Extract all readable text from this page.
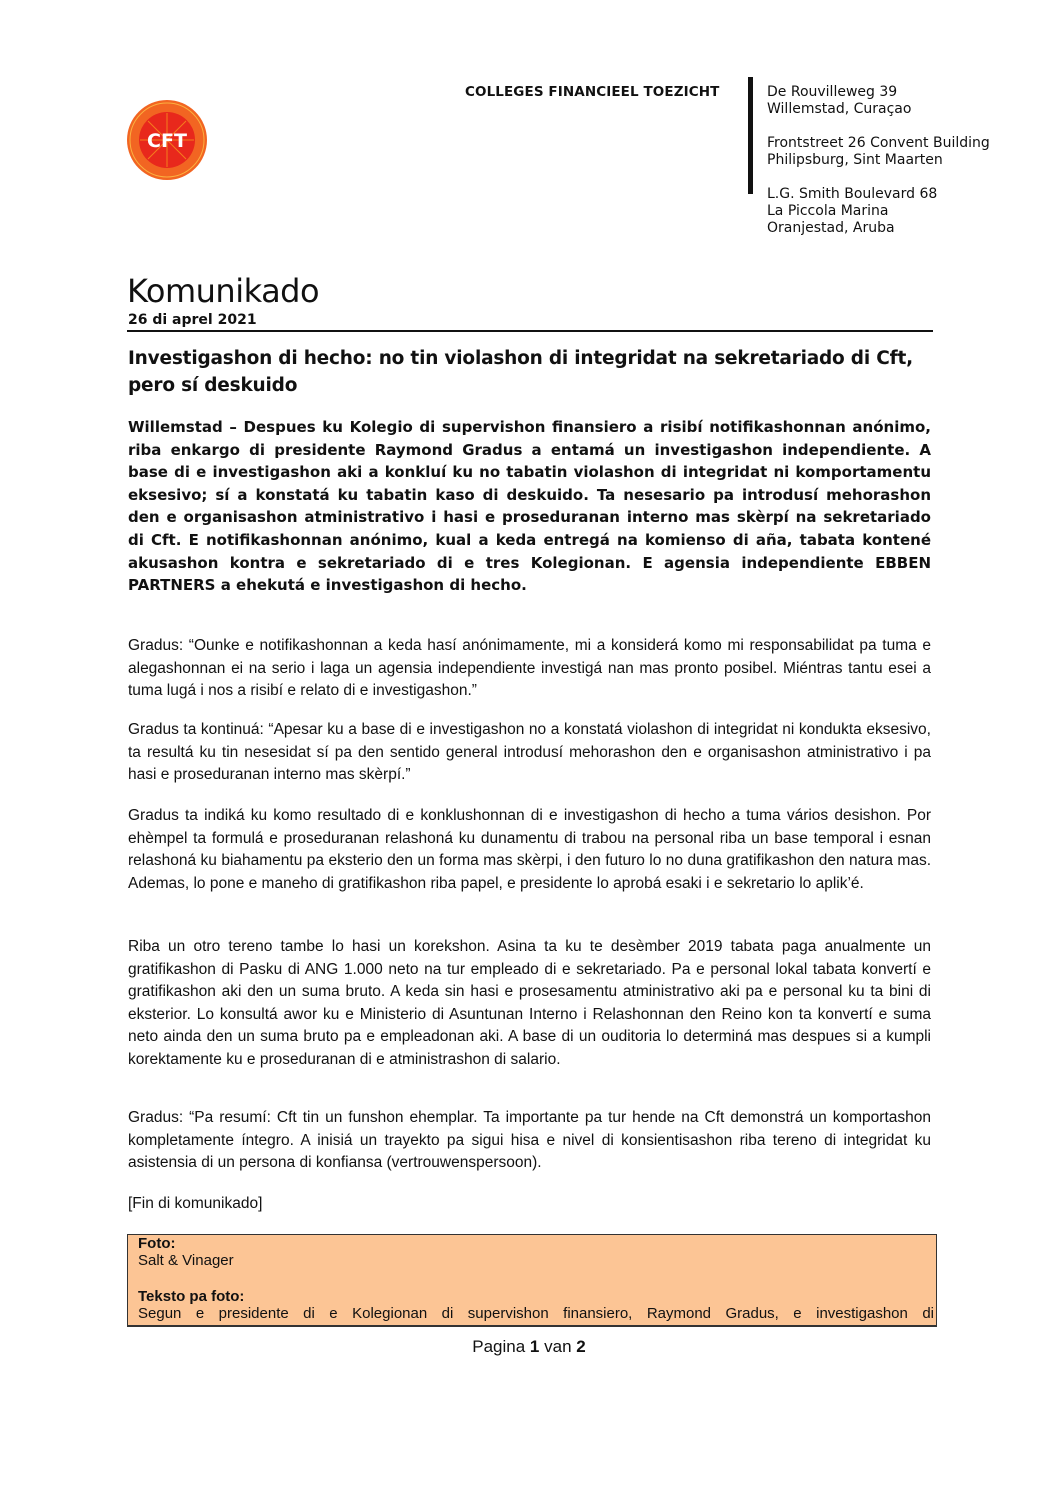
CFT
COLLEGES FINANCIEEL TOEZICHT	De Rouvilleweg 39
Willemstad, Curaçao
Frontstreet 26 Convent Building
Philipsburg, Sint Maarten
L.G. Smith Boulevard 68
La Piccola Marina
Oranjestad, Aruba
Komunikado
26 di aprel 2021
Investigashon di hecho: no tin violashon di integridat na sekretariado di Cft, pero sí deskuido
Willemstad – Despues ku Kolegio di supervishon finansiero a risibí notifikashonnan anónimo, riba enkargo di presidente Raymond Gradus a entamá un investigashon independiente. A base di e investigashon aki a konkluí ku no tabatin violashon di integridat ni komportamentu eksesivo; sí a konstatá ku tabatin kaso di deskuido. Ta nesesario pa introdusí mehorashon den e organisashon atministrativo i hasi e proseduranan interno mas skèrpí na sekretariado di Cft. E notifikashonnan anónimo, kual a keda entregá na komienso di aña, tabata kontené akusashon kontra e sekretariado di e tres Kolegionan. E agensia independiente EBBEN PARTNERS a ehekutá e investigashon di hecho.
Gradus: “Ounke e notifikashonnan a keda hasí anónimamente, mi a konsiderá komo mi responsabilidat pa tuma e alegashonnan ei na serio i laga un agensia independiente investigá nan mas pronto posibel. Miéntras tantu esei a tuma lugá i nos a risibí e relato di e investigashon.”
Gradus ta kontinuá: “Apesar ku a base di e investigashon no a konstatá violashon di integridat ni kondukta eksesivo, ta resultá ku tin nesesidat sí pa den sentido general introdusí mehorashon den e organisashon atministrativo i pa hasi e proseduranan interno mas skèrpí.”
Gradus ta indiká ku komo resultado di e konklushonnan di e investigashon di hecho a tuma vários desishon. Por ehèmpel ta formulá e proseduranan relashoná ku dunamentu di trabou na personal riba un base temporal i esnan relashoná ku biahamentu pa eksterio den un forma mas skèrpi, i den futuro lo no duna gratifikashon den natura mas. Ademas, lo pone e maneho di gratifikashon riba papel, e presidente lo aprobá esaki i e sekretario lo aplik’é.
Riba un otro tereno tambe lo hasi un korekshon. Asina ta ku te desèmber 2019 tabata paga anualmente un gratifikashon di Pasku di ANG 1.000 neto na tur empleado di e sekretariado. Pa e personal lokal tabata konvertí e gratifikashon aki den un suma bruto. A keda sin hasi e prosesamentu atministrativo aki pa e personal ku ta bini di eksterior. Lo konsultá awor ku e Ministerio di Asuntunan Interno i Relashonnan den Reino kon ta konvertí e suma neto ainda den un suma bruto pa e empleadonan aki. A base di un ouditoria lo determiná mas despues si a kumpli korektamente ku e proseduranan di e atministrashon di salario.
Gradus: “Pa resumí: Cft tin un funshon ehemplar. Ta importante pa tur hende na Cft demonstrá un komportashon kompletamente íntegro. A inisiá un trayekto pa sigui hisa e nivel di konsientisashon riba tereno di integridat ku asistensia di un persona di konfiansa (vertrouwenspersoon).
[Fin di komunikado]
Foto:
Salt & Vinager
Teksto pa foto:
Segun e presidente di e Kolegionan di supervishon finansiero, Raymond Gradus, e investigashon di
Pagina 1 van 2
